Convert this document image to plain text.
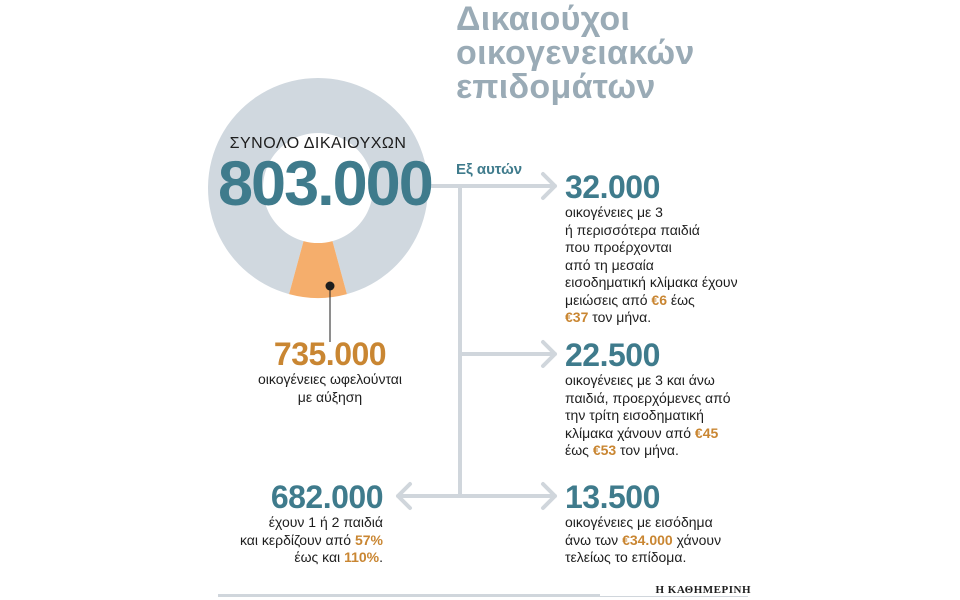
Δικαιούχοι
οικογενειακών
επιδομάτων
ΣΥΝΟΛΟ ΔΙΚΑΙΟΥΧΩΝ
803.000
735.000
οικογένειες ωφελούνται
με αύξηση
Εξ αυτών 32.000
οικογένειες με 3
ή περισσότερα παιδιά
που προέρχονται
από τη μεσαία
εισοδηματική κλίμακα έχουν
μειώσεις από €6 έως
€37 τον μήνα.
22.500
οικογένειες με 3 και άνω
παιδιά, προερχόμενες από
την τρίτη εισοδηματική
κλίμακα χάνουν από €45
έως €53 τον μήνα.
13.500
οικογένειες με εισόδημα
άνω των €34.000 χάνουν
τελείως το επίδομα.
682.000
έχουν 1 ή 2 παιδιά
και κερδίζουν από 57%
έως και 110%.
Η ΚΑΘΗΜΕΡΙΝΗ
